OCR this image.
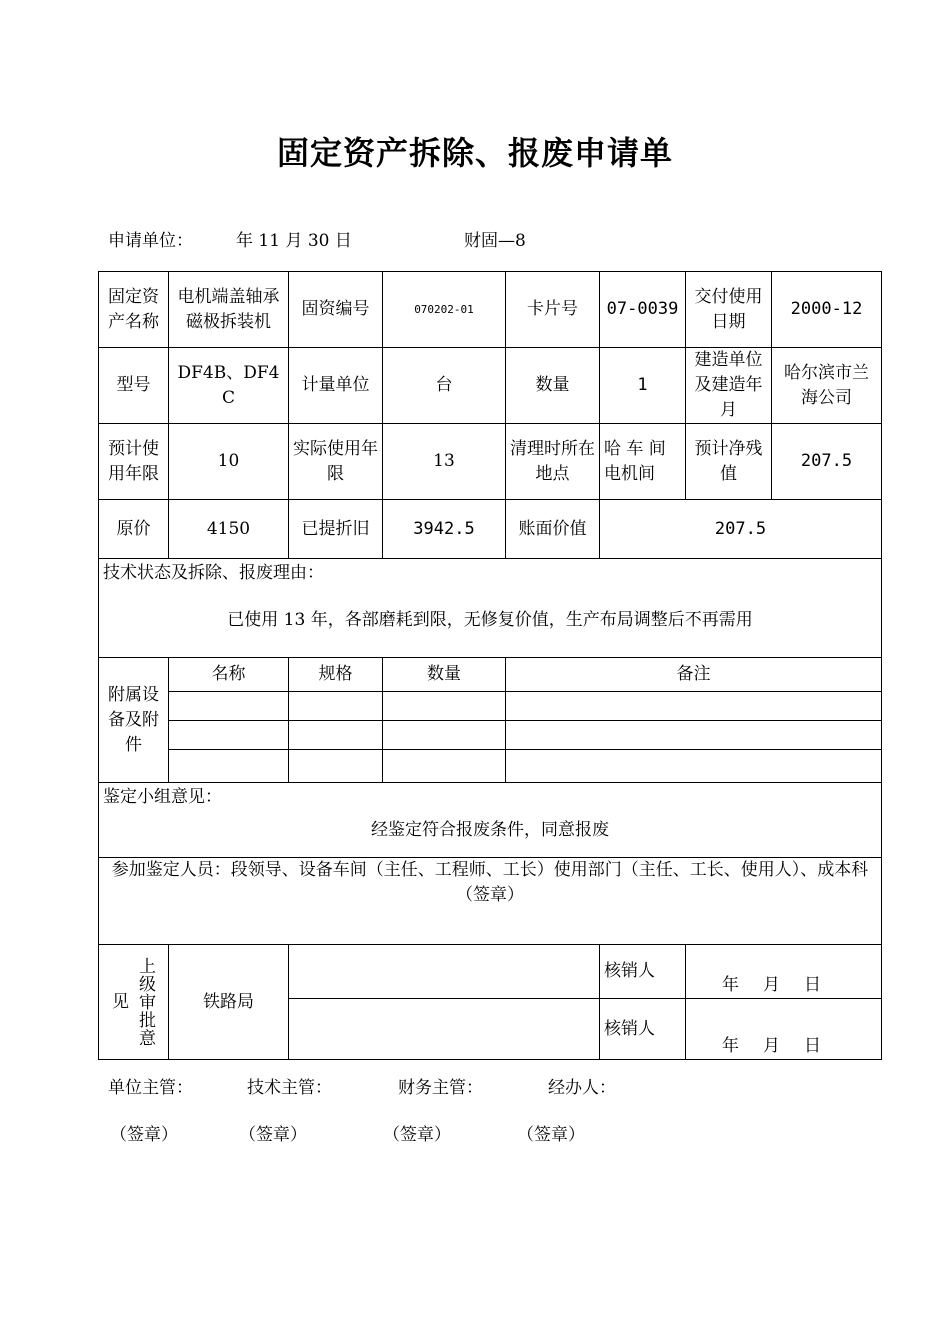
固定资产拆除、报废申请单
申请单位：	年 11 月 30 日	财固—8
固定资产名称	电机端盖轴承磁极拆装机	固资编号	070202-01	卡片号	07-0039	交付使用日期	2000-12
型号	DF4B、DF4C	计量单位	台	数量	1	建造单位及建造年月	哈尔滨市兰海公司
预计使用年限	10	实际使用年限	13	清理时所在地点	哈 车 间电机间	预计净残值	207.5
原价	4150	已提折旧	3942.5	账面价值	207.5		

技术状态及拆除、报废理由：
已使用 13 年，各部磨耗到限，无修复价值，生产布局调整后不再需用							

附属设备及附件	名称	规格	数量	备注			

鉴定小组意见：
经鉴定符合报废条件，同意报废							

参加鉴定人员：段领导、设备车间（主任、工程师、工长）使用部门（主任、工长、使用人）、成本科（签章）							

见 上级审批意	铁路局				核销人	年 月 日	
					核销人	年 月 日	
单位主管：	技术主管：	财务主管：	经办人：
（签章）	（签章）	（签章）	（签章）
